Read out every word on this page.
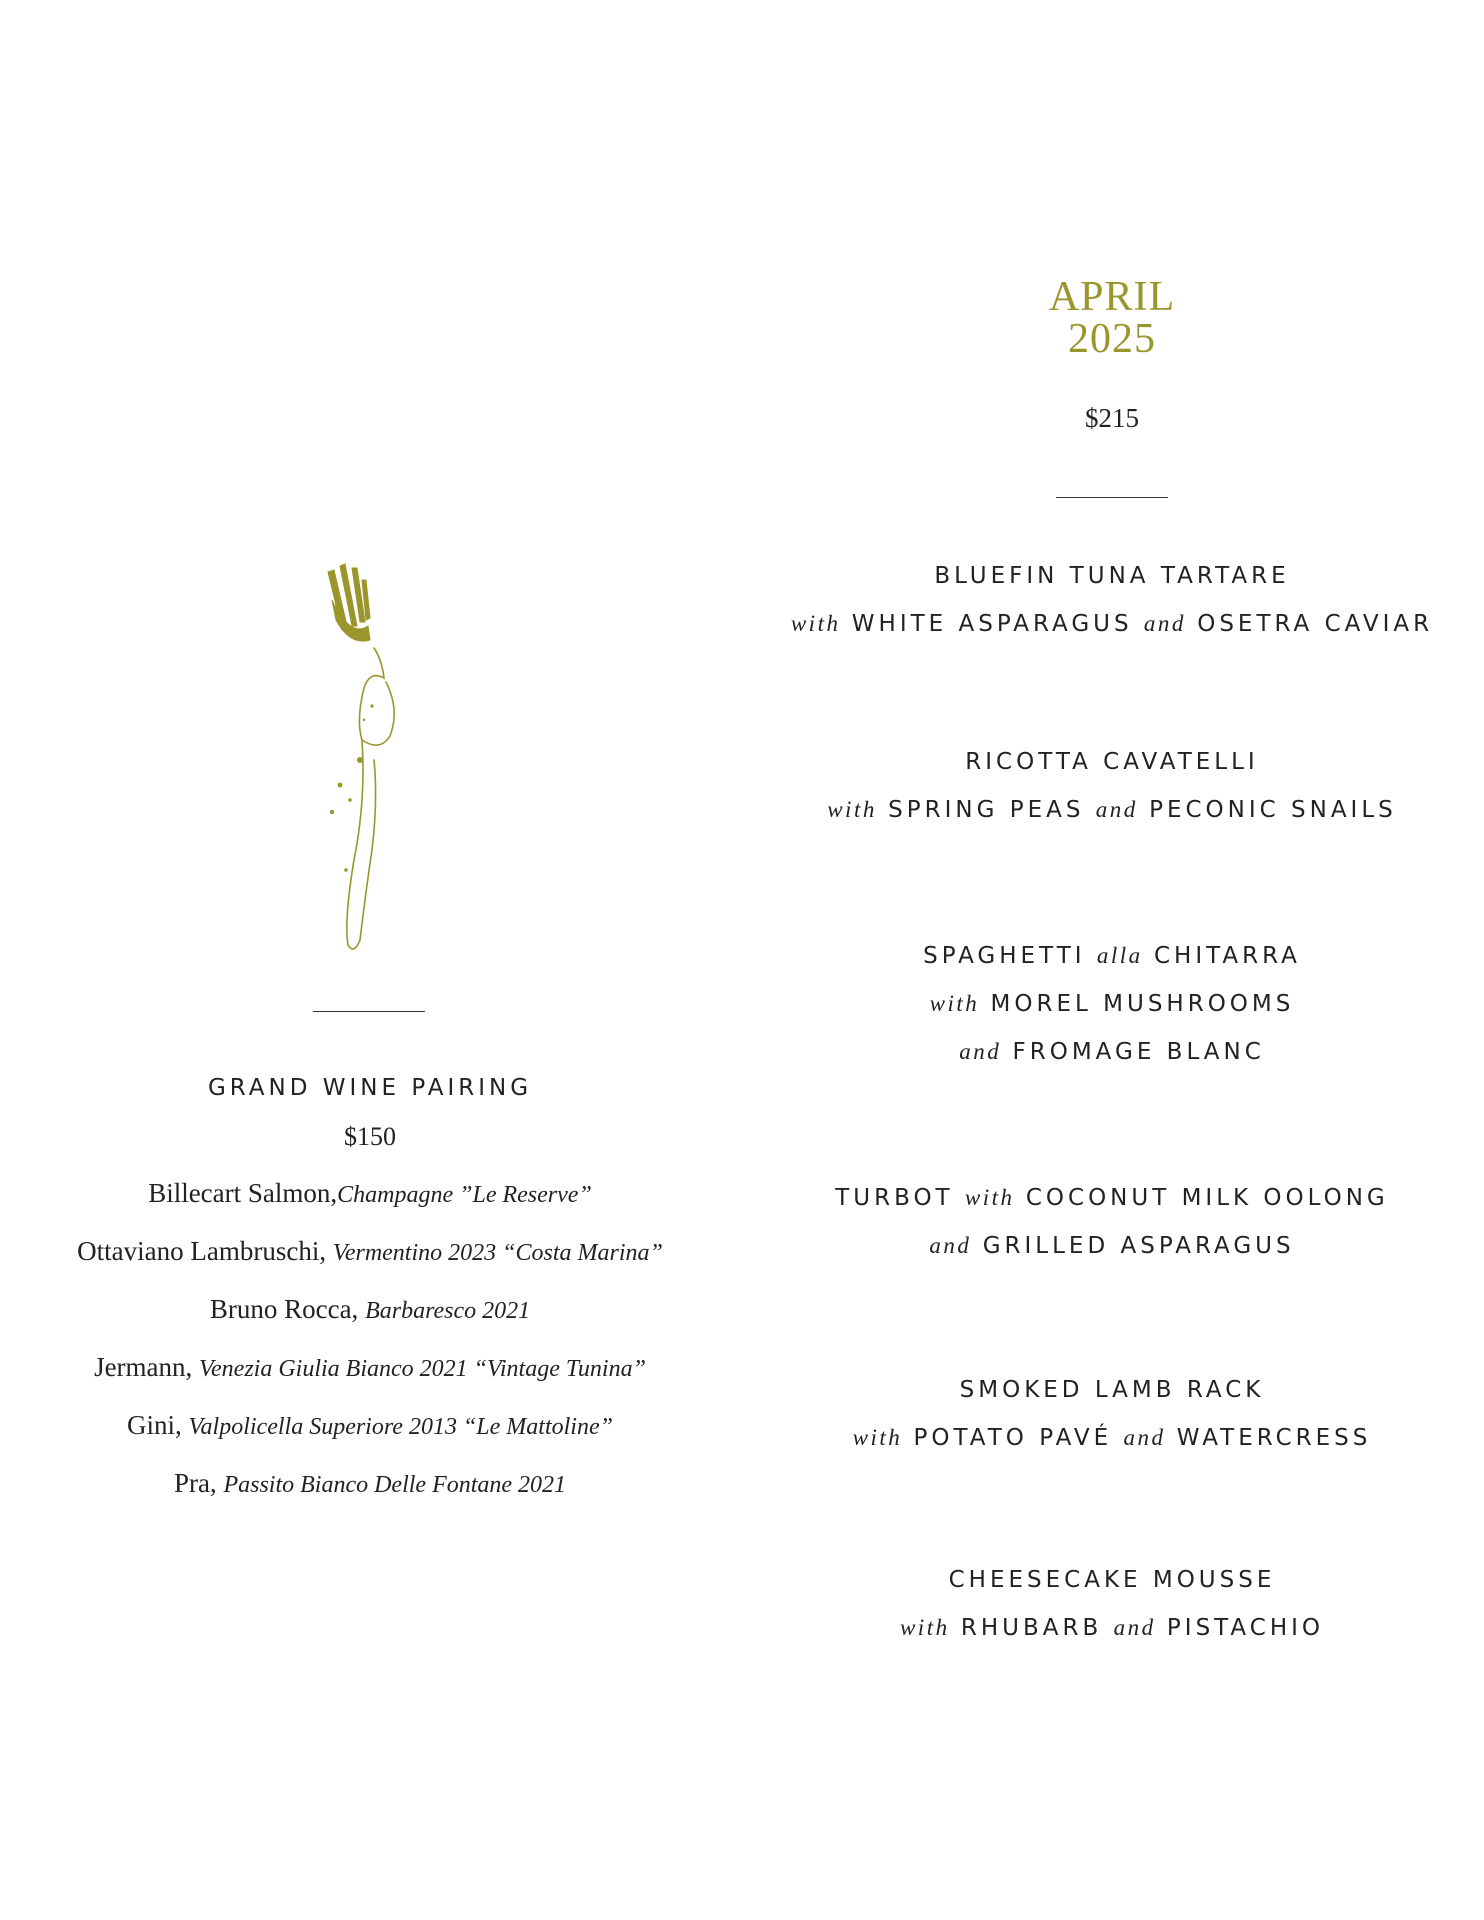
GRAND WINE PAIRING
$150
Billecart Salmon,Champagne ”Le Reserve”
Ottaviano Lambruschi, Vermentino 2023 “Costa Marina”
Bruno Rocca, Barbaresco 2021
Jermann, Venezia Giulia Bianco 2021 “Vintage Tunina”
Gini, Valpolicella Superiore 2013 “Le Mattoline”
Pra, Passito Bianco Delle Fontane 2021
APRIL
2025
$215
BLUEFIN TUNA TARTARE
with WHITE ASPARAGUS and OSETRA CAVIAR
RICOTTA CAVATELLI
with SPRING PEAS and PECONIC SNAILS
SPAGHETTI alla CHITARRA
with MOREL MUSHROOMS
and FROMAGE BLANC
TURBOT with COCONUT MILK OOLONG
and GRILLED ASPARAGUS
SMOKED LAMB RACK
with POTATO PAVÉ and WATERCRESS
CHEESECAKE MOUSSE
with RHUBARB and PISTACHIO
